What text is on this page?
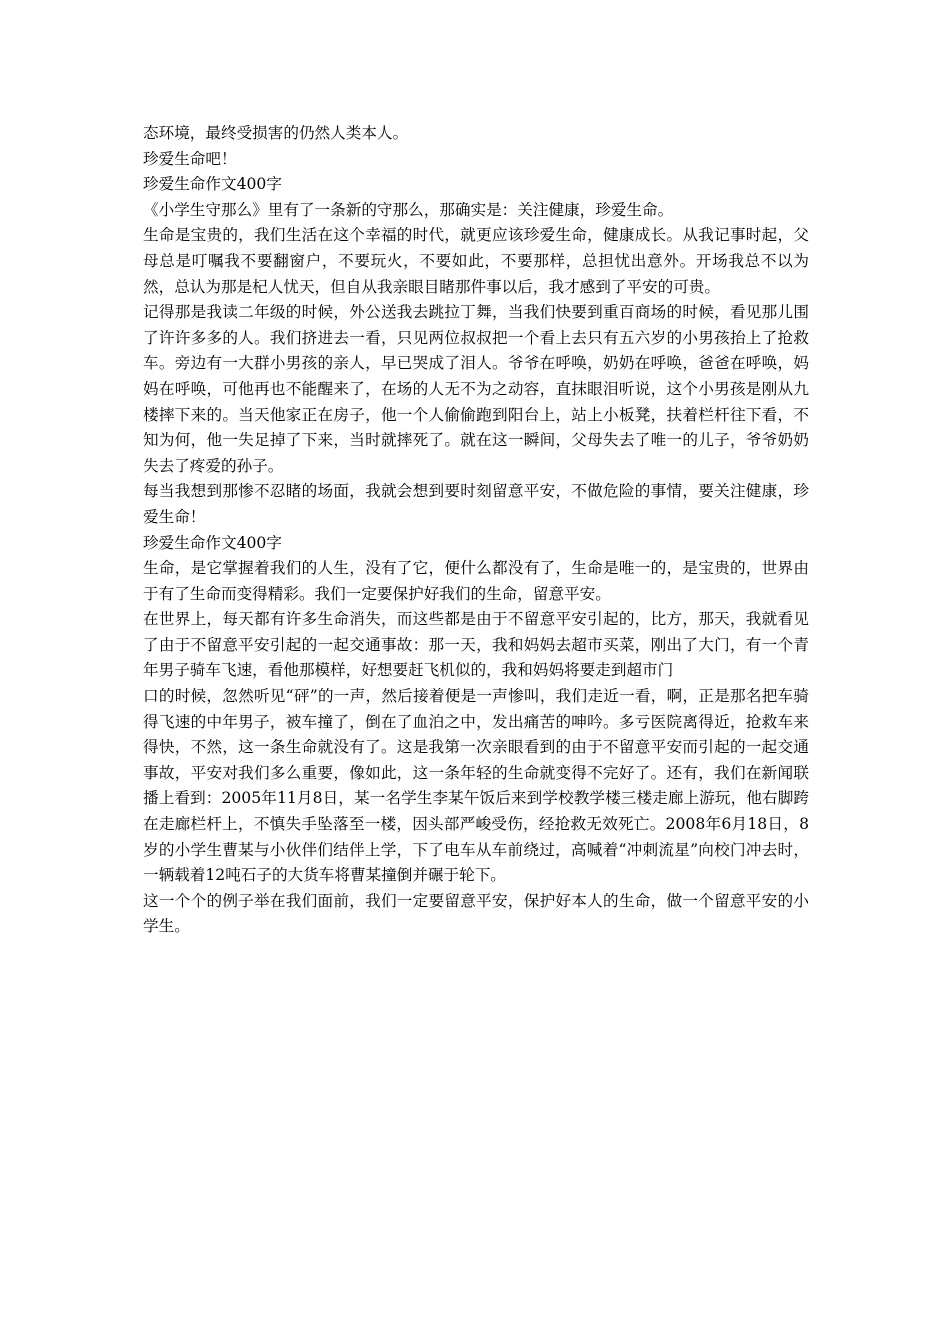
态环境，最终受损害的仍然人类本人。

珍爱生命吧！

珍爱生命作文400字

《小学生守那么》里有了一条新的守那么，那确实是：关注健康，珍爱生命。

生命是宝贵的，我们生活在这个幸福的时代，就更应该珍爱生命，健康成长。从我记事时起，父母总是叮嘱我不要翻窗户，不要玩火，不要如此，不要那样，总担忧出意外。开场我总不以为然，总认为那是杞人忧天，但自从我亲眼目睹那件事以后，我才感到了平安的可贵。

记得那是我读二年级的时候，外公送我去跳拉丁舞，当我们快要到重百商场的时候，看见那儿围了许许多多的人。我们挤进去一看，只见两位叔叔把一个看上去只有五六岁的小男孩抬上了抢救车。旁边有一大群小男孩的亲人，早已哭成了泪人。爷爷在呼唤，奶奶在呼唤，爸爸在呼唤，妈妈在呼唤，可他再也不能醒来了，在场的人无不为之动容，直抹眼泪听说，这个小男孩是刚从九楼摔下来的。当天他家正在房子，他一个人偷偷跑到阳台上，站上小板凳，扶着栏杆往下看，不知为何，他一失足掉了下来，当时就摔死了。就在这一瞬间，父母失去了唯一的儿子，爷爷奶奶失去了疼爱的孙子。

每当我想到那惨不忍睹的场面，我就会想到要时刻留意平安，不做危险的事情，要关注健康，珍爱生命！

珍爱生命作文400字

生命，是它掌握着我们的人生，没有了它，便什么都没有了，生命是唯一的，是宝贵的，世界由于有了生命而变得精彩。我们一定要保护好我们的生命，留意平安。

在世界上，每天都有许多生命消失，而这些都是由于不留意平安引起的，比方，那天，我就看见了由于不留意平安引起的一起交通事故：那一天，我和妈妈去超市买菜，刚出了大门，有一个青年男子骑车飞速，看他那模样，好想要赶飞机似的，我和妈妈将要走到超市门

口的时候，忽然听见“砰”的一声，然后接着便是一声惨叫，我们走近一看，啊，正是那名把车骑得飞速的中年男子，被车撞了，倒在了血泊之中，发出痛苦的呻吟。多亏医院离得近，抢救车来得快，不然，这一条生命就没有了。这是我第一次亲眼看到的由于不留意平安而引起的一起交通事故，平安对我们多么重要，像如此，这一条年轻的生命就变得不完好了。还有，我们在新闻联播上看到：2005年11月8日，某一名学生李某午饭后来到学校教学楼三楼走廊上游玩，他右脚跨在走廊栏杆上，不慎失手坠落至一楼，因头部严峻受伤，经抢救无效死亡。2008年6月18日，8岁的小学生曹某与小伙伴们结伴上学，下了电车从车前绕过，高喊着“冲刺流星”向校门冲去时，一辆载着12吨石子的大货车将曹某撞倒并碾于轮下。

这一个个的例子举在我们面前，我们一定要留意平安，保护好本人的生命，做一个留意平安的小学生。
